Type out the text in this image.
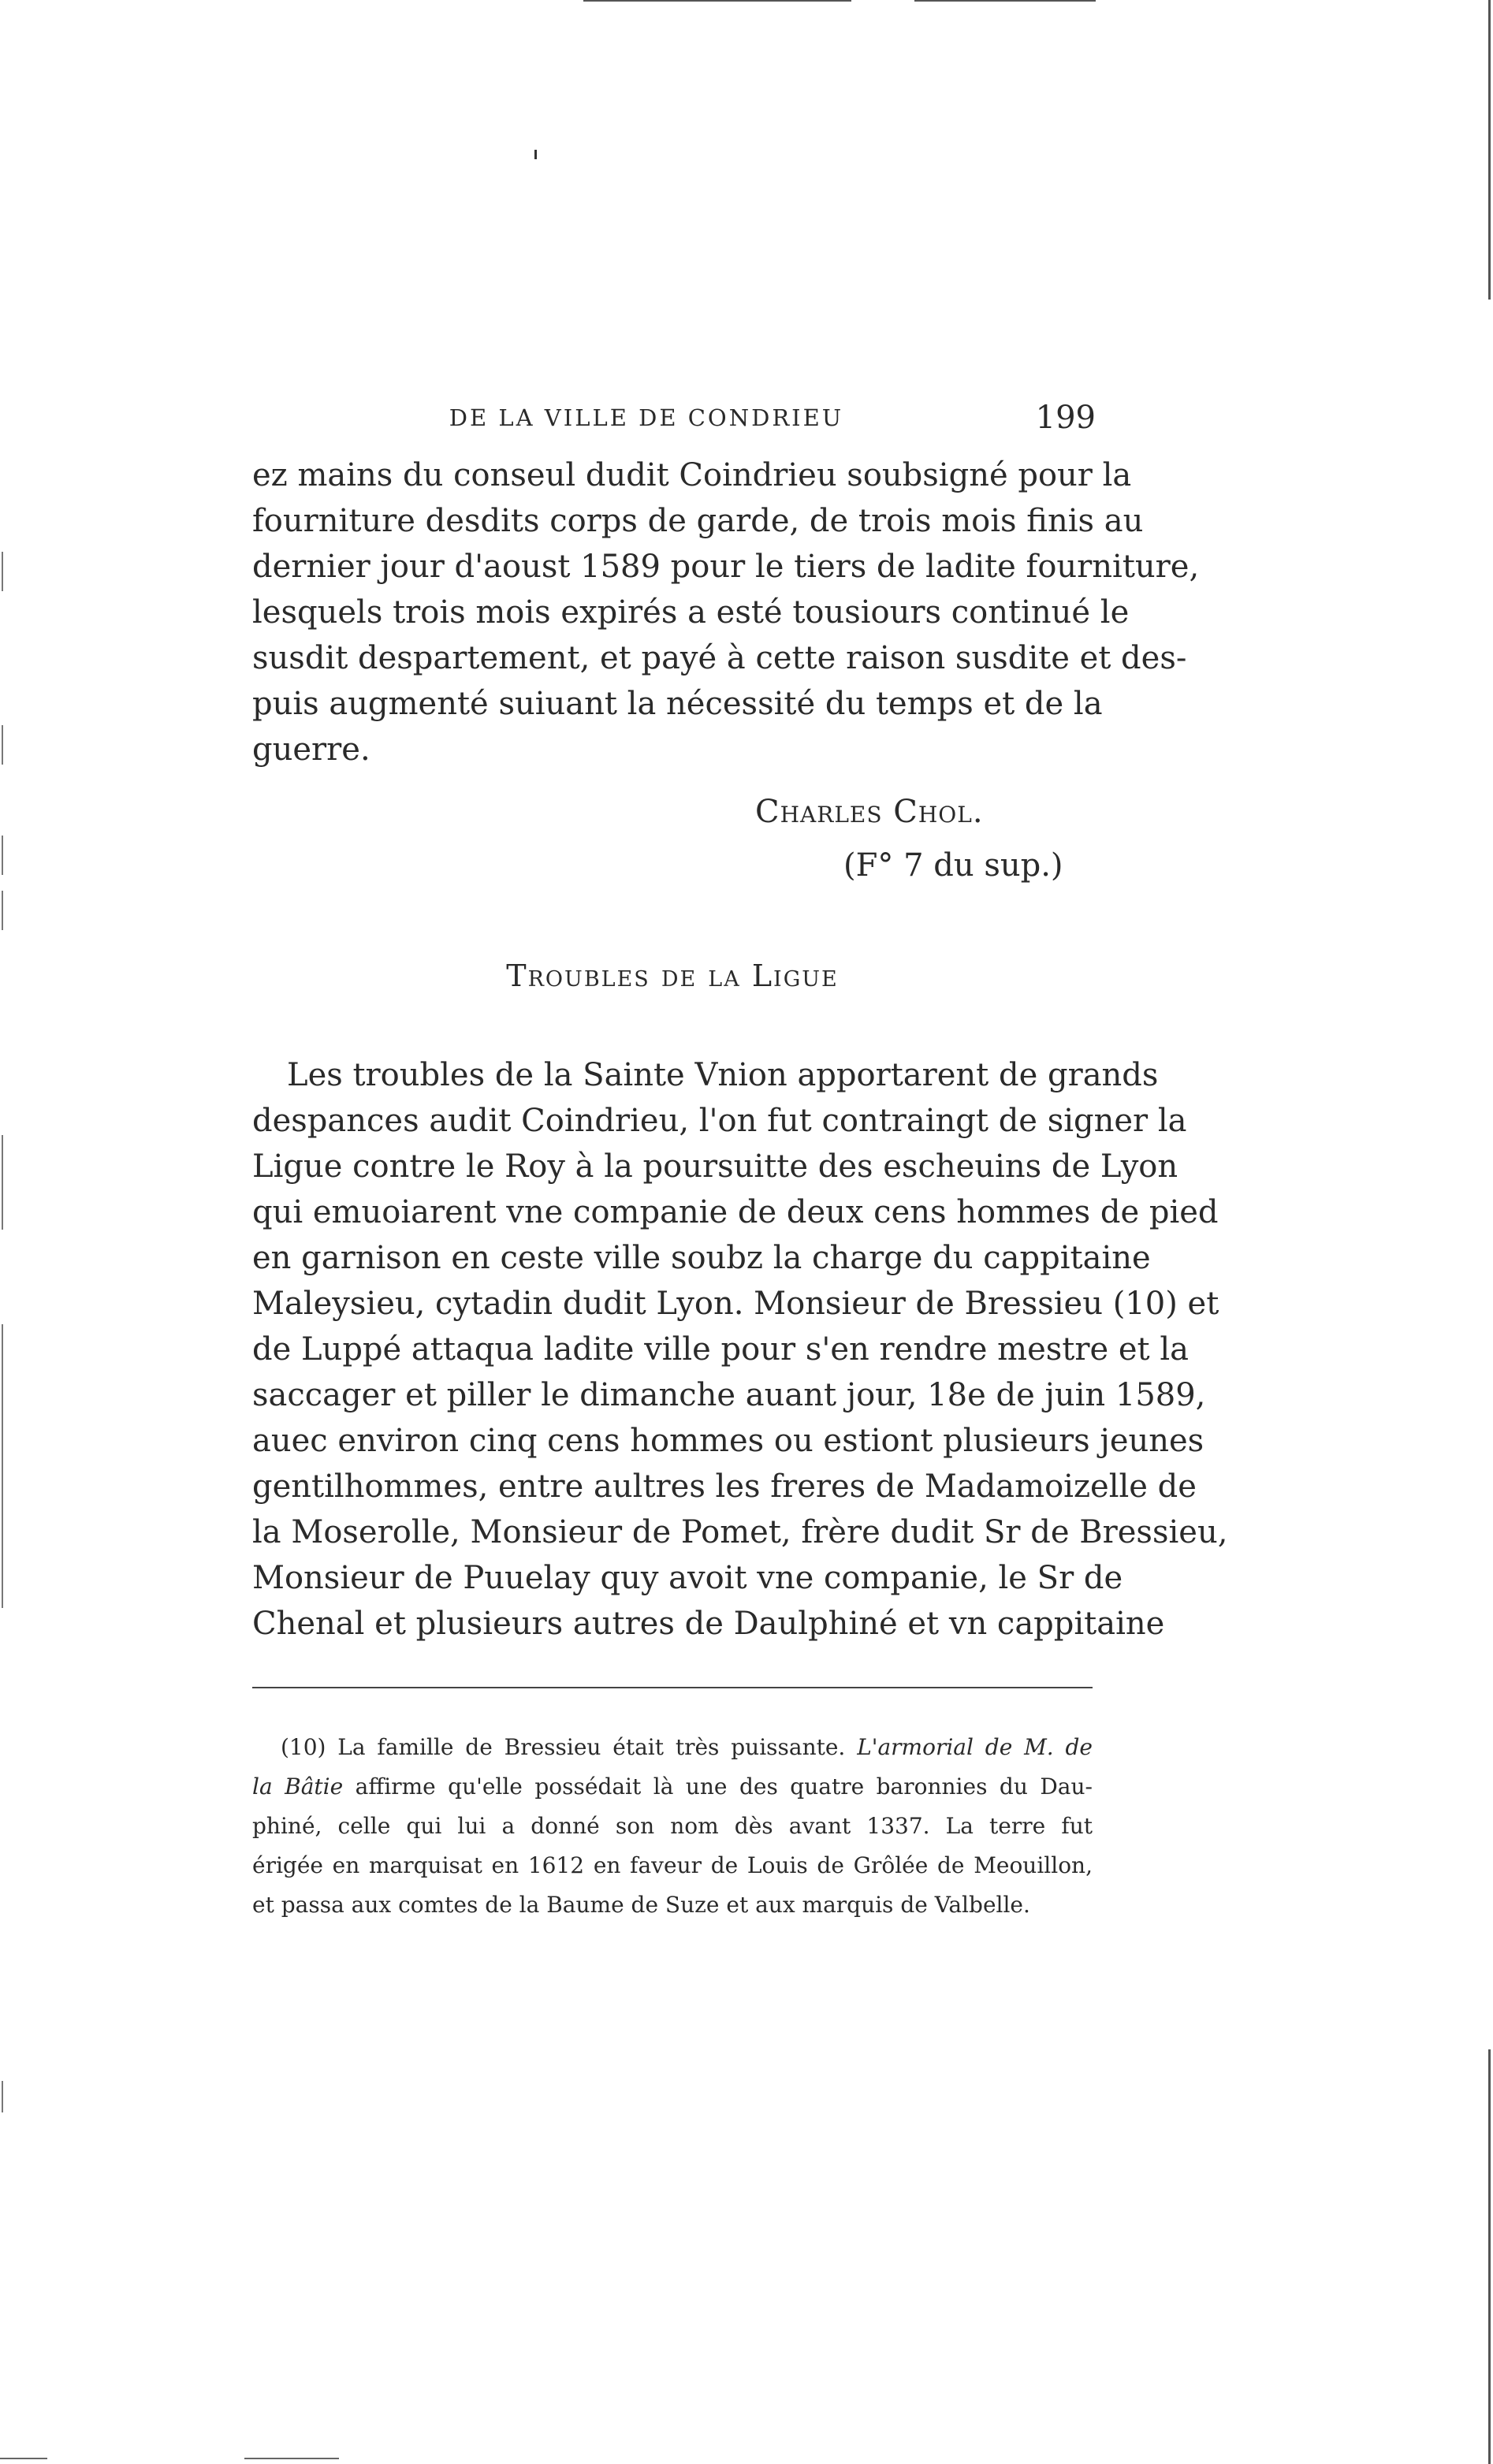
DE LA VILLE DE CONDRIEU	199
ez mains du conseul dudit Coindrieu soubsigné pour la
fourniture desdits corps de garde, de trois mois finis au
dernier jour d'aoust 1589 pour le tiers de ladite fourniture,
lesquels trois mois expirés a esté tousiours continué le
susdit despartement, et payé à cette raison susdite et des-
puis augmenté suiuant la nécessité du temps et de la
guerre.
Charles Chol.
(F° 7 du sup.)
Troubles de la Ligue
Les troubles de la Sainte Vnion apportarent de grands
despances audit Coindrieu, l'on fut contraingt de signer la
Ligue contre le Roy à la poursuitte des escheuins de Lyon
qui emuoiarent vne companie de deux cens hommes de pied
en garnison en ceste ville soubz la charge du cappitaine
Maleysieu, cytadin dudit Lyon. Monsieur de Bressieu (10) et
de Luppé attaqua ladite ville pour s'en rendre mestre et la
saccager et piller le dimanche auant jour, 18e de juin 1589,
auec environ cinq cens hommes ou estiont plusieurs jeunes
gentilhommes, entre aultres les freres de Madamoizelle de
la Moserolle, Monsieur de Pomet, frère dudit Sr de Bressieu,
Monsieur de Puuelay quy avoit vne companie, le Sr de
Chenal et plusieurs autres de Daulphiné et vn cappitaine
(10) La famille de Bressieu était très puissante. L'armorial de M. de
la Bâtie affirme qu'elle possédait là une des quatre baronnies du Dau-
phiné, celle qui lui a donné son nom dès avant 1337. La terre fut
érigée en marquisat en 1612 en faveur de Louis de Grôlée de Meouillon,
et passa aux comtes de la Baume de Suze et aux marquis de Valbelle.
